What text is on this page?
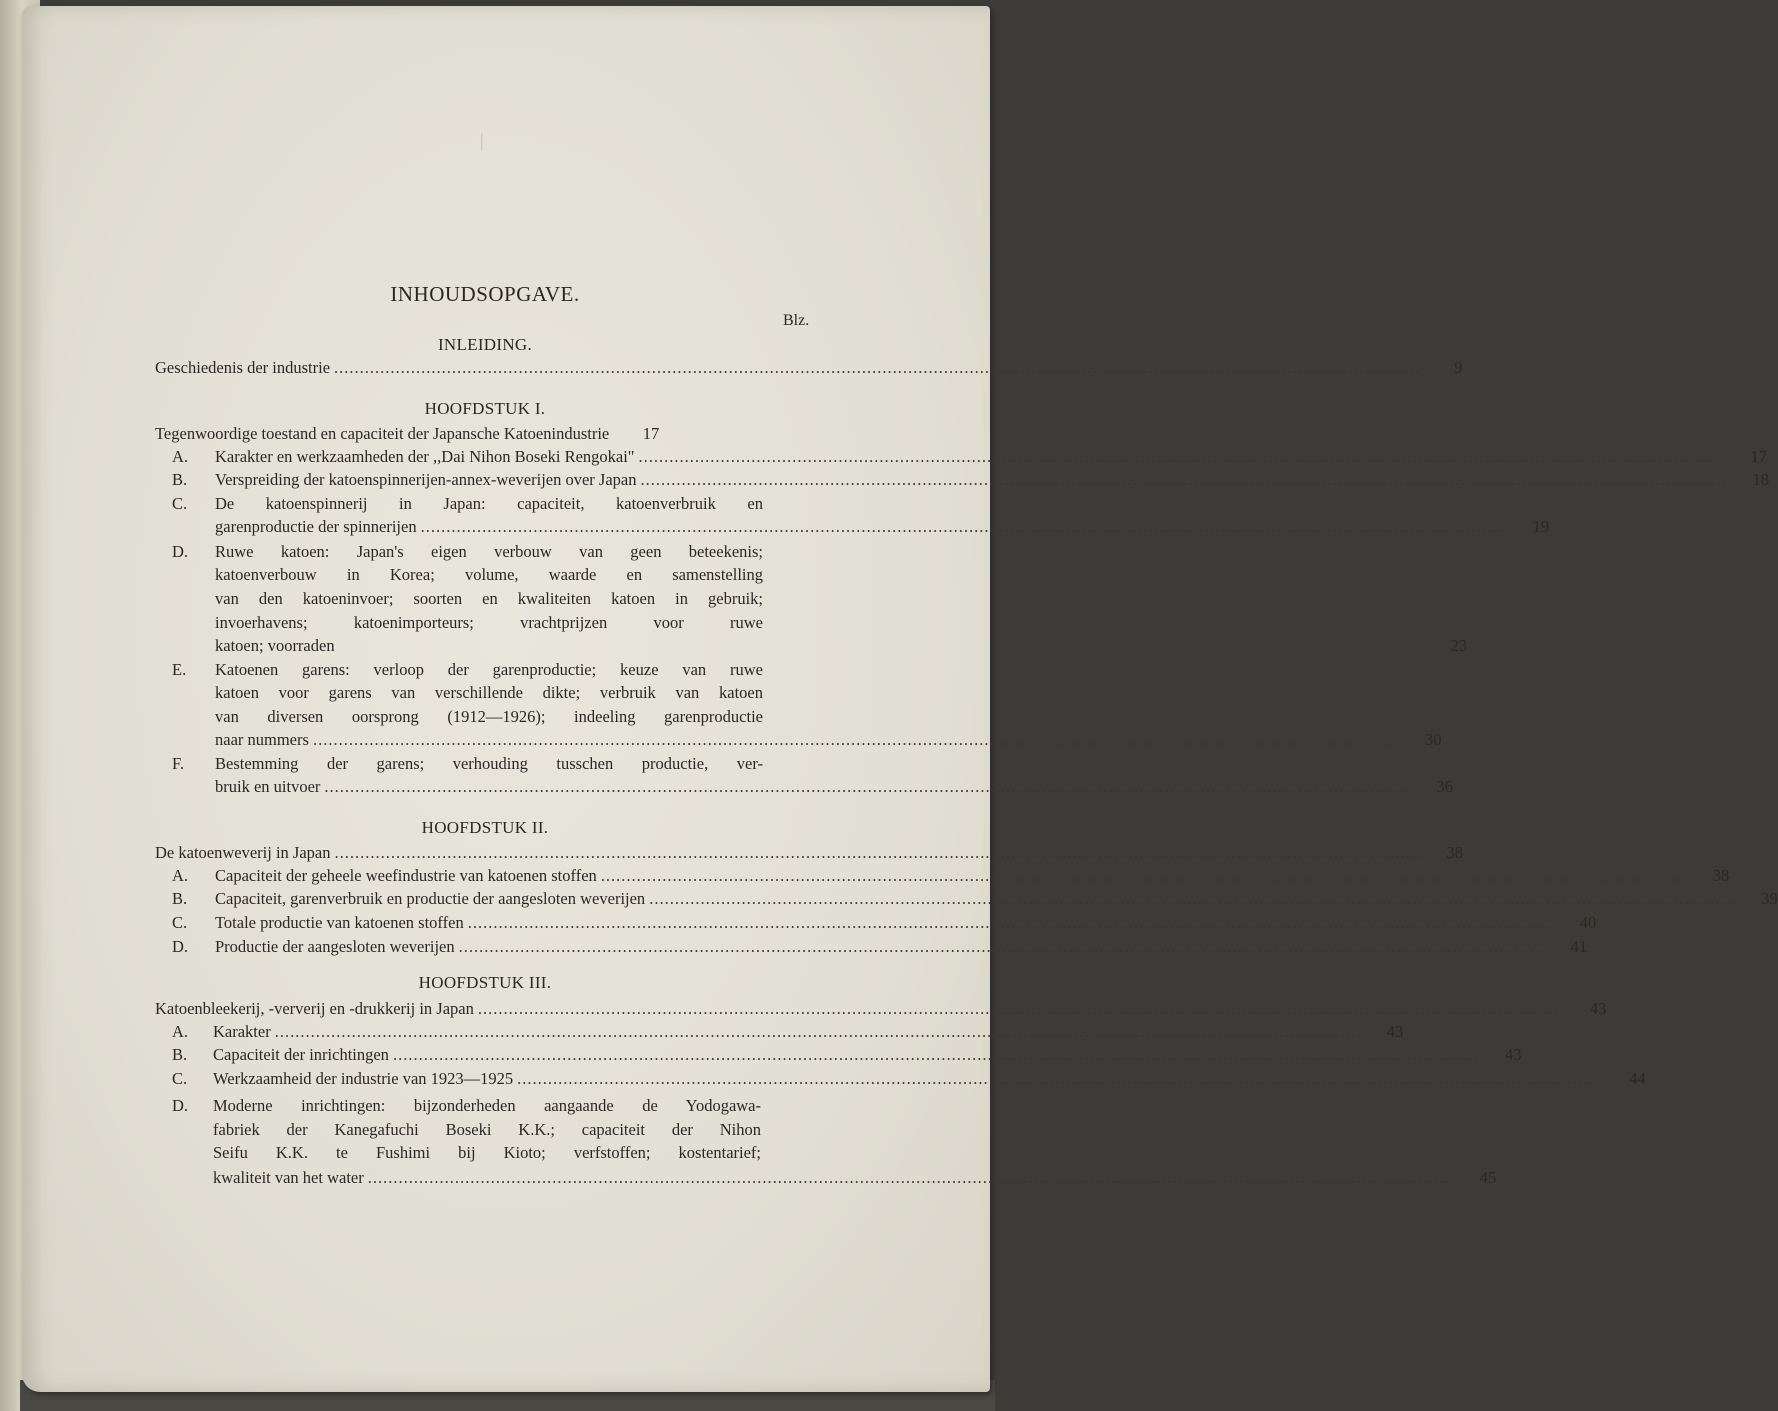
|
INHOUDSOPGAVE.
Blz.
INLEIDING.
Geschiedenis der industrie .....	9
HOOFDSTUK I.
Tegenwoordige toestand en capaciteit der Japansche Katoenindustrie	17
A. Karakter en werkzaamheden der ,,Dai Nihon Boseki Rengokai" .....	17
B. Verspreiding der katoenspinnerijen-annex-weverijen over Japan .....	18
C. De katoenspinnerij in Japan: capaciteit, katoenverbruik en
garenproductie der spinnerijen .....	19
D. Ruwe katoen: Japan's eigen verbouw van geen beteekenis;
katoenverbouw in Korea; volume, waarde en samenstelling
van den katoeninvoer; soorten en kwaliteiten katoen in gebruik;
invoerhavens; katoenimporteurs; vrachtprijzen voor ruwe
katoen; voorraden	23
E. Katoenen garens: verloop der garenproductie; keuze van ruwe
katoen voor garens van verschillende dikte; verbruik van katoen
van diversen oorsprong (1912—1926); indeeling garenproductie
naar nummers .....	30
F. Bestemming der garens; verhouding tusschen productie, ver-
bruik en uitvoer .....	36
HOOFDSTUK II.
De katoenweverij in Japan .....	38
A. Capaciteit der geheele weefindustrie van katoenen stoffen .....	38
B. Capaciteit, garenverbruik en productie der aangesloten weverijen .....	39
C. Totale productie van katoenen stoffen .....	40
D. Productie der aangesloten weverijen .....	41
HOOFDSTUK III.
Katoenbleekerij, -ververij en -drukkerij in Japan .....	43
A. Karakter .....	43
B. Capaciteit der inrichtingen .....	43
C. Werkzaamheid der industrie van 1923—1925 .....	44
D. Moderne inrichtingen: bijzonderheden aangaande de Yodogawa-
fabriek der Kanegafuchi Boseki K.K.; capaciteit der Nihon
Seifu K.K. te Fushimi bij Kioto; verfstoffen; kostentarief;
kwaliteit van het water .....	45
